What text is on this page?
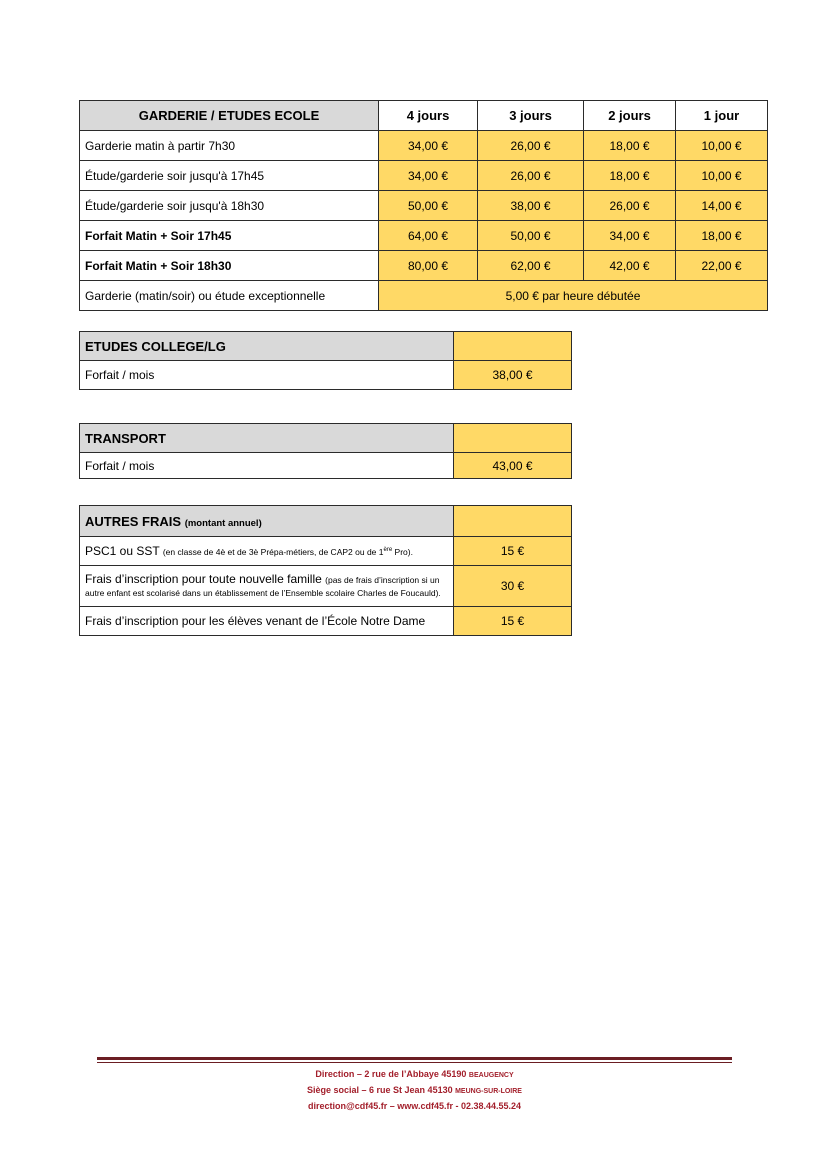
GARDERIE / ETUDES ECOLE	4 jours	3 jours	2 jours	1 jour
Garderie matin à partir 7h30	34,00 €	26,00 €	18,00 €	10,00 €
Étude/garderie soir jusqu'à 17h45	34,00 €	26,00 €	18,00 €	10,00 €
Étude/garderie soir jusqu'à 18h30	50,00 €	38,00 €	26,00 €	14,00 €
Forfait Matin + Soir 17h45	64,00 €	50,00 €	34,00 €	18,00 €
Forfait Matin + Soir 18h30	80,00 €	62,00 €	42,00 €	22,00 €
Garderie (matin/soir) ou étude exceptionnelle	5,00 € par heure débutée			
ETUDES COLLEGE/LG	
Forfait / mois	38,00 €
TRANSPORT	
Forfait / mois	43,00 €
AUTRES FRAIS (montant annuel)	
PSC1 ou SST (en classe de 4è et de 3è Prépa-métiers, de CAP2 ou de 1ère Pro).	15 €
Frais d’inscription pour toute nouvelle famille (pas de frais d’inscription si un autre enfant est scolarisé dans un établissement de l’Ensemble scolaire Charles de Foucauld).	30 €
Frais d’inscription pour les élèves venant de l’École Notre Dame	15 €
Direction – 2 rue de l’Abbaye 45190 BEAUGENCY
Siège social – 6 rue St Jean 45130 MEUNG-SUR-LOIRE
direction@cdf45.fr – www.cdf45.fr - 02.38.44.55.24
